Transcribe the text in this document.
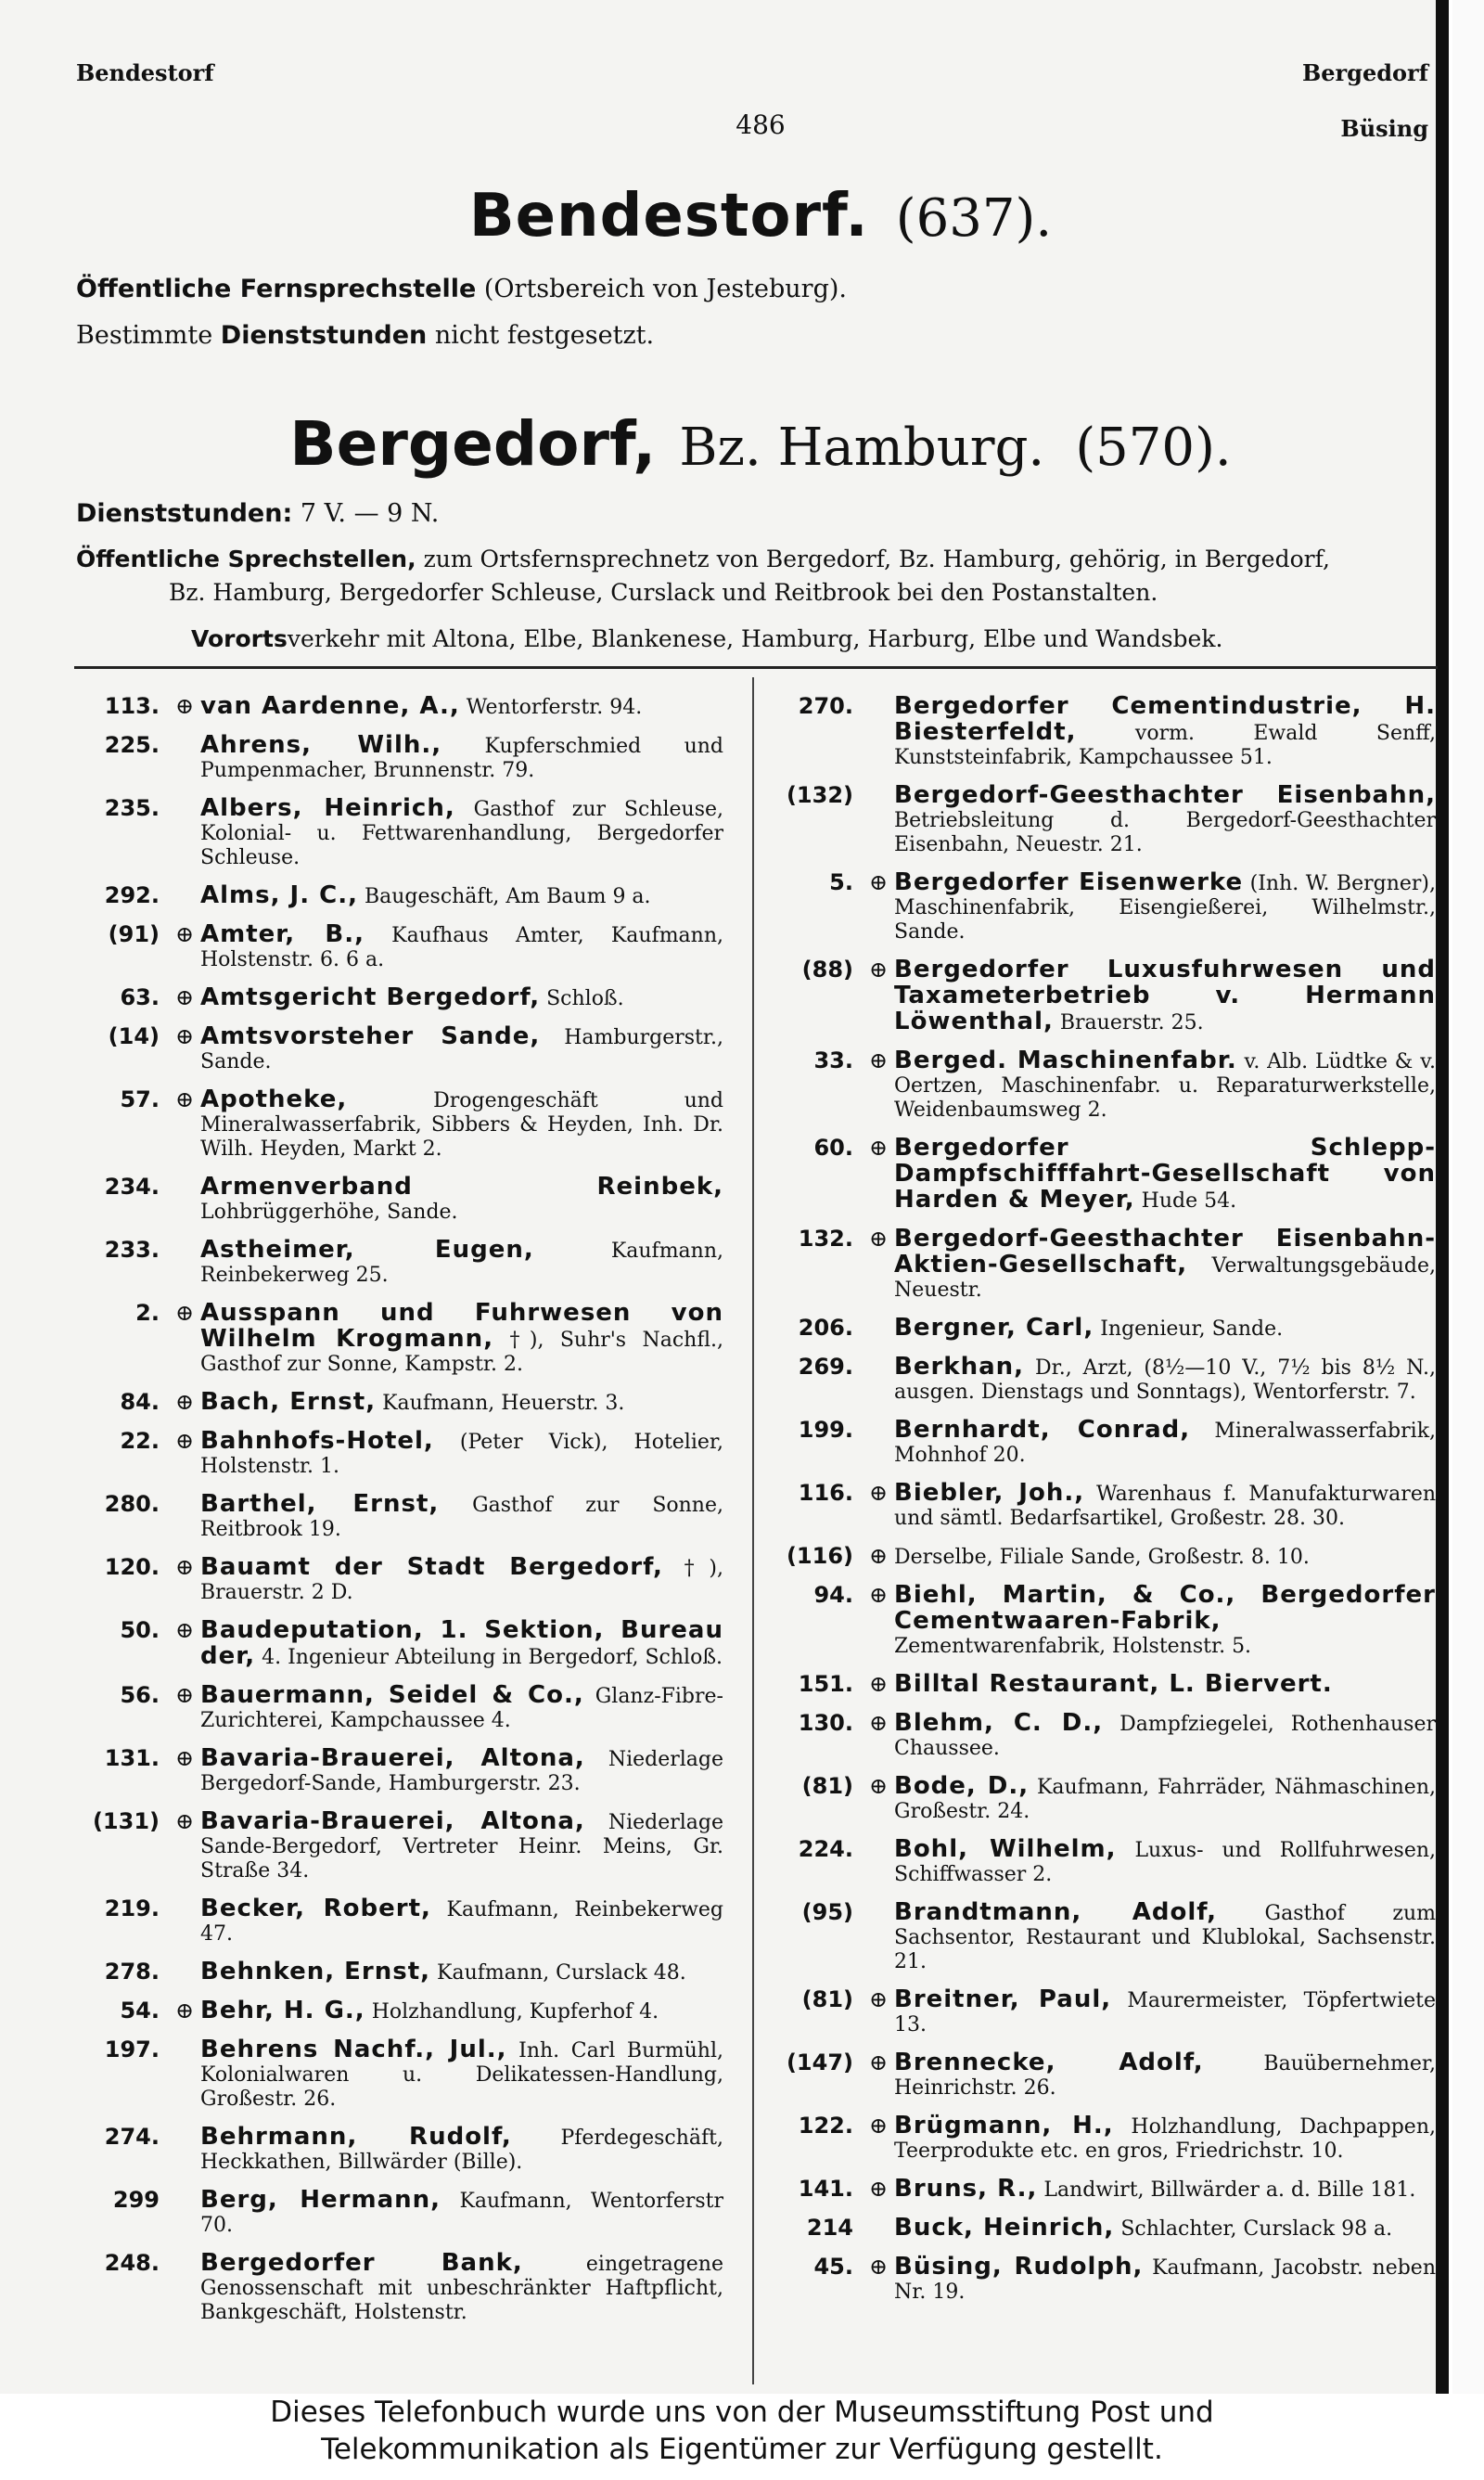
Bendestorf	Bergedorf
Büsing
486
Bendestorf. (637).
Öffentliche Fernsprechstelle (Ortsbereich von Jesteburg).
Bestimmte Dienststunden nicht festgesetzt.
Bergedorf, Bz. Hamburg. (570).
Dienststunden: 7 V. — 9 N.
Öffentliche Sprechstellen, zum Ortsfernsprechnetz von Bergedorf, Bz. Hamburg, gehörig, in Bergedorf,
Bz. Hamburg, Bergedorfer Schleuse, Curslack und Reitbrook bei den Postanstalten.
Vorortsverkehr mit Altona, Elbe, Blankenese, Hamburg, Harburg, Elbe und Wandsbek.
113. ⊕ van Aardenne, A., Wentorferstr. 94.
225.	Ahrens, Wilh., Kupferschmied und Pumpenmacher, Brunnenstr. 79.
235.	Albers, Heinrich, Gasthof zur Schleuse, Kolonial- u. Fettwarenhandlung, Bergedorfer Schleuse.
292.	Alms, J. C., Baugeschäft, Am Baum 9 a.
(91) ⊕ Amter, B., Kaufhaus Amter, Kaufmann, Holstenstr. 6. 6 a.
63. ⊕ Amtsgericht Bergedorf, Schloß.
(14) ⊕ Amtsvorsteher Sande, Hamburgerstr., Sande.
57. ⊕ Apotheke,	Drogengeschäft und Mineralwasserfabrik, Sibbers & Heyden, Inh. Dr. Wilh. Heyden, Markt 2.
234.	Armenverband Reinbek, Lohbrüggerhöhe, Sande.
233.	Astheimer, Eugen,	Kaufmann, Reinbekerweg 25.
2. ⊕ Ausspann und Fuhrwesen von Wilhelm Krogmann, †), Suhr's Nachfl., Gasthof zur Sonne, Kampstr. 2.
84. ⊕ Bach, Ernst, Kaufmann, Heuerstr. 3.
22. ⊕ Bahnhofs-Hotel, (Peter Vick), Hotelier, Holstenstr. 1.
280.	Barthel, Ernst, Gasthof zur Sonne, Reitbrook 19.
120. ⊕ Bauamt der Stadt Bergedorf, †), Brauerstr. 2 D.
50. ⊕ Baudeputation, 1. Sektion, Bureau der, 4. Ingenieur Abteilung in Bergedorf, Schloß.
56. ⊕ Bauermann, Seidel & Co., Glanz-Fibre-Zurichterei, Kampchaussee 4.
131. ⊕ Bavaria-Brauerei, Altona, Niederlage Bergedorf-Sande, Hamburgerstr. 23.
(131) ⊕ Bavaria-Brauerei, Altona, Niederlage Sande-Bergedorf, Vertreter Heinr. Meins, Gr. Straße 34.
219.	Becker, Robert, Kaufmann, Reinbekerweg 47.
278.	Behnken, Ernst, Kaufmann, Curslack 48.
54. ⊕ Behr, H. G., Holzhandlung, Kupferhof 4.
197.	Behrens Nachf., Jul., Inh. Carl Burmühl, Kolonialwaren u. Delikatessen-Handlung, Großestr. 26.
274.	Behrmann, Rudolf, Pferdegeschäft, Heckkathen, Billwärder (Bille).
299	Berg, Hermann, Kaufmann, Wentorferstr 70.
248.	Bergedorfer Bank,	eingetragene Genossenschaft mit unbeschränkter Haftpflicht, Bankgeschäft, Holstenstr.
270.	Bergedorfer Cementindustrie, H. Biesterfeldt,	vorm. Ewald Senff, Kunststeinfabrik, Kampchaussee 51.
(132)	Bergedorf-Geesthachter Eisenbahn, Betriebsleitung d. Bergedorf-Geesthachter Eisenbahn, Neuestr. 21.
5. ⊕ Bergedorfer Eisenwerke (Inh. W. Bergner), Maschinenfabrik, Eisengießerei, Wilhelmstr., Sande.
(88) ⊕ Bergedorfer Luxusfuhrwesen und Taxameterbetrieb v. Hermann Löwenthal, Brauerstr. 25.
33. ⊕ Berged. Maschinenfabr. v. Alb. Lüdtke & v. Oertzen, Maschinenfabr. u. Reparaturwerkstelle, Weidenbaumsweg 2.
60. ⊕ Bergedorfer Schlepp-Dampfschifffahrt-Gesellschaft von Harden & Meyer, Hude 54.
132. ⊕ Bergedorf-Geesthachter Eisenbahn-Aktien-Gesellschaft, Verwaltungsgebäude, Neuestr.
206.	Bergner, Carl, Ingenieur, Sande.
269.	Berkhan, Dr., Arzt, (8½—10 V., 7½ bis 8½ N., ausgen. Dienstags und Sonntags), Wentorferstr. 7.
199.	Bernhardt, Conrad, Mineralwasserfabrik, Mohnhof 20.
116. ⊕ Biebler, Joh., Warenhaus f. Manufakturwaren und sämtl. Bedarfsartikel, Großestr. 28. 30.
(116) ⊕ Derselbe, Filiale Sande, Großestr. 8. 10.
94. ⊕ Biehl, Martin, & Co., Bergedorfer Cementwaaren-Fabrik, Zementwarenfabrik, Holstenstr. 5.
151. ⊕ Billtal Restaurant, L. Biervert.
130. ⊕ Blehm, C. D., Dampfziegelei, Rothenhauser Chaussee.
(81) ⊕ Bode, D., Kaufmann, Fahrräder, Nähmaschinen, Großestr. 24.
224.	Bohl, Wilhelm, Luxus- und Rollfuhrwesen, Schiffwasser 2.
(95)	Brandtmann, Adolf, Gasthof zum Sachsentor, Restaurant und Klublokal, Sachsenstr. 21.
(81) ⊕ Breitner, Paul, Maurermeister, Töpfertwiete 13.
(147) ⊕ Brennecke, Adolf,	Bauübernehmer, Heinrichstr. 26.
122. ⊕ Brügmann, H., Holzhandlung, Dachpappen, Teerprodukte etc. en gros, Friedrichstr. 10.
141. ⊕ Bruns, R., Landwirt, Billwärder a. d. Bille 181.
214	Buck, Heinrich, Schlachter, Curslack 98 a.
45. ⊕ Büsing, Rudolph, Kaufmann, Jacobstr. neben Nr. 19.
Dieses Telefonbuch wurde uns von der Museumsstiftung Post und
Telekommunikation als Eigentümer zur Verfügung gestellt.
